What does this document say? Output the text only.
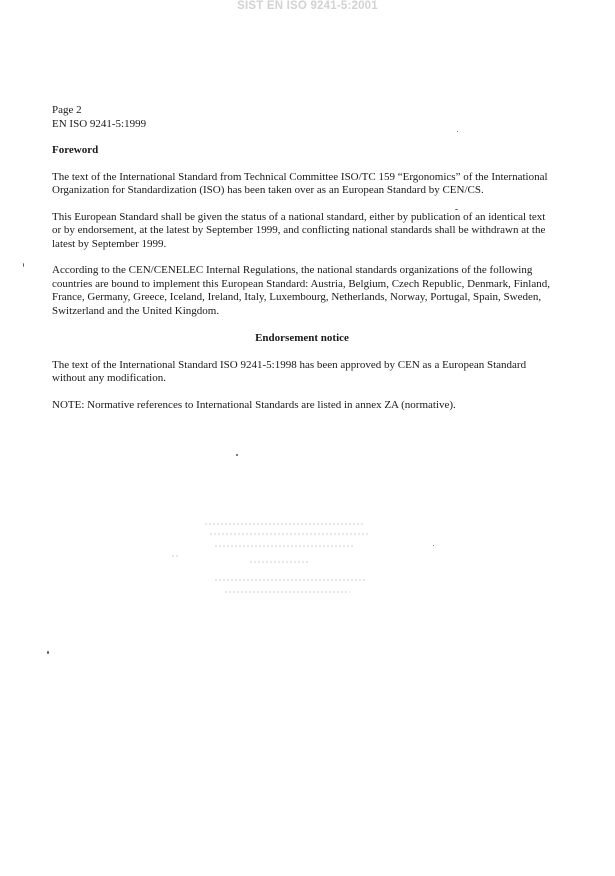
SIST EN ISO 9241-5:2001
Page 2
EN ISO 9241-5:1999
Foreword
The text of the International Standard from Technical Committee ISO/TC 159 “Ergonomics” of the International Organization for Standardization (ISO) has been taken over as an European Standard by CEN/CS.
This European Standard shall be given the status of a national standard, either by publication of an identical text or by endorsement, at the latest by September 1999, and conflicting national standards shall be withdrawn at the latest by September 1999.
According to the CEN/CENELEC Internal Regulations, the national standards organizations of the following countries are bound to implement this European Standard: Austria, Belgium, Czech Republic, Denmark, Finland, France, Germany, Greece, Iceland, Ireland, Italy, Luxembourg, Netherlands, Norway, Portugal, Spain, Sweden, Switzerland and the United Kingdom.
Endorsement notice
The text of the International Standard ISO 9241-5:1998 has been approved by CEN as a European Standard without any modification.
NOTE: Normative references to International Standards are listed in annex ZA (normative).
